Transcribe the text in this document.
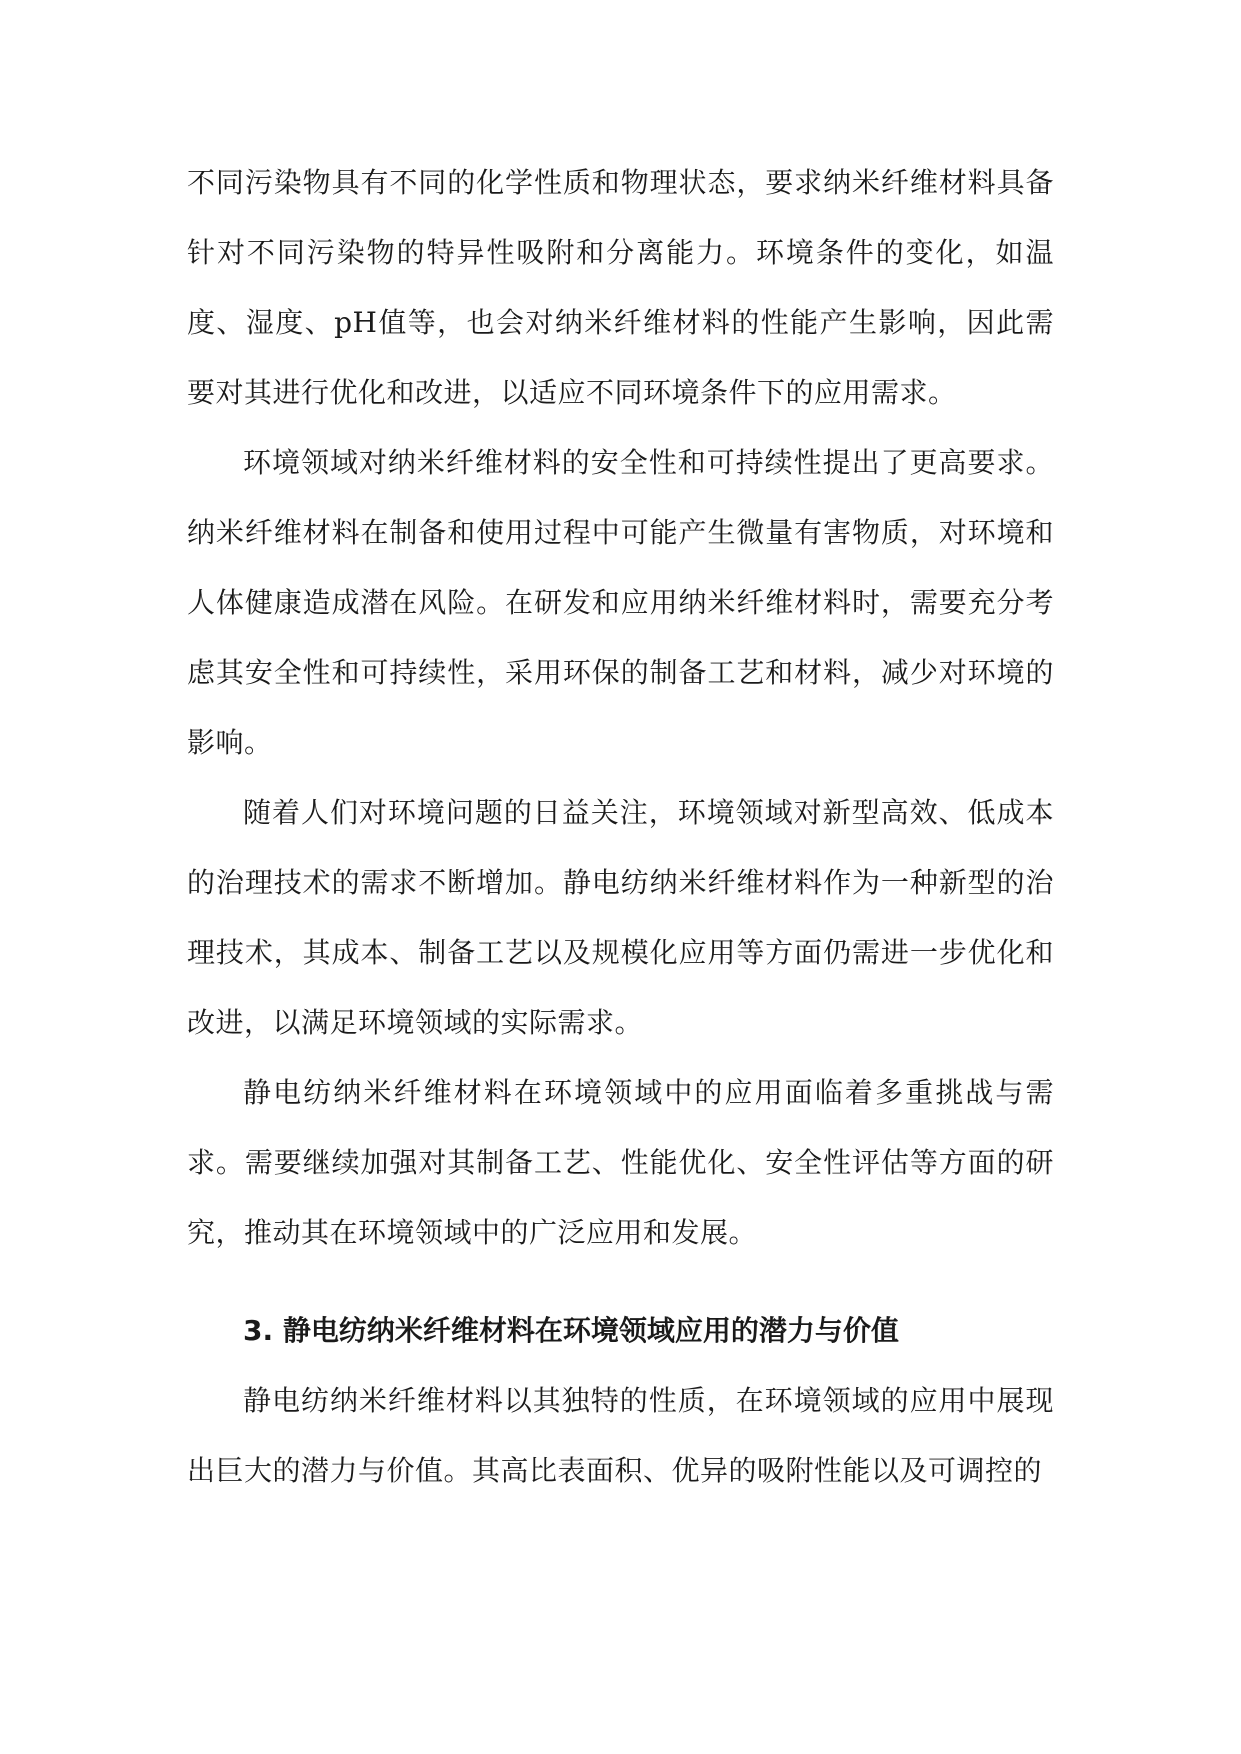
不同污染物具有不同的化学性质和物理状态，要求纳米纤维材料具备针对不同污染物的特异性吸附和分离能力。环境条件的变化，如温度、湿度、pH值等，也会对纳米纤维材料的性能产生影响，因此需要对其进行优化和改进，以适应不同环境条件下的应用需求。

环境领域对纳米纤维材料的安全性和可持续性提出了更高要求。纳米纤维材料在制备和使用过程中可能产生微量有害物质，对环境和人体健康造成潜在风险。在研发和应用纳米纤维材料时，需要充分考虑其安全性和可持续性，采用环保的制备工艺和材料，减少对环境的影响。

随着人们对环境问题的日益关注，环境领域对新型高效、低成本的治理技术的需求不断增加。静电纺纳米纤维材料作为一种新型的治理技术，其成本、制备工艺以及规模化应用等方面仍需进一步优化和改进，以满足环境领域的实际需求。

静电纺纳米纤维材料在环境领域中的应用面临着多重挑战与需求。需要继续加强对其制备工艺、性能优化、安全性评估等方面的研究，推动其在环境领域中的广泛应用和发展。

3. 静电纺纳米纤维材料在环境领域应用的潜力与价值

静电纺纳米纤维材料以其独特的性质，在环境领域的应用中展现出巨大的潜力与价值。其高比表面积、优异的吸附性能以及可调控的
